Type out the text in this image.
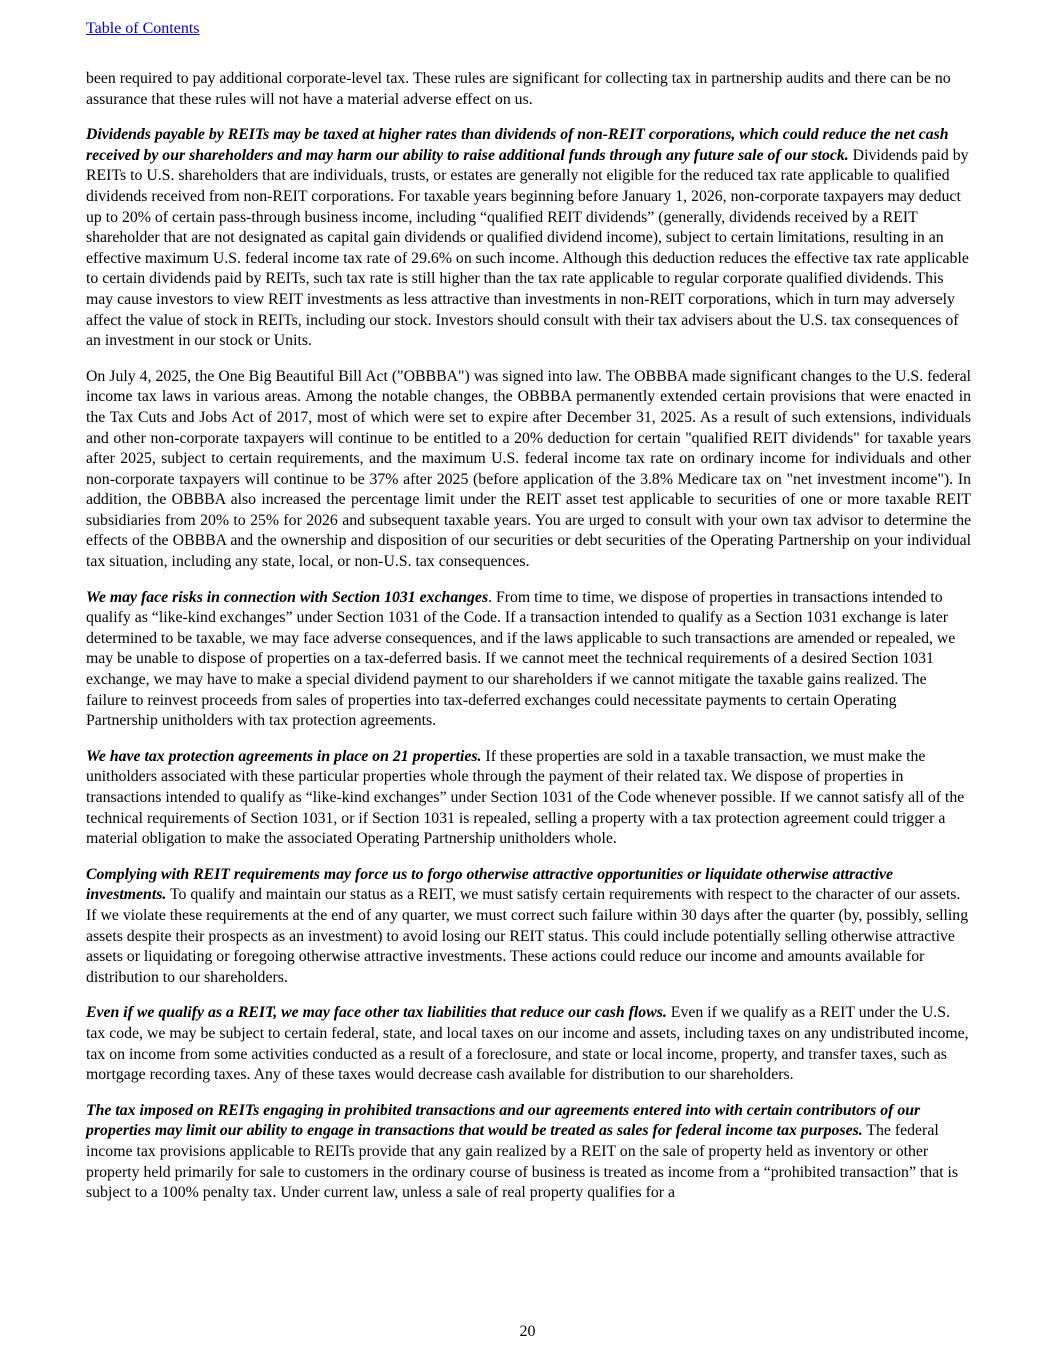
Table of Contents

been required to pay additional corporate-level tax. These rules are significant for collecting tax in partnership audits and there can be no assurance that these rules will not have a material adverse effect on us.

Dividends payable by REITs may be taxed at higher rates than dividends of non-REIT corporations, which could reduce the net cash received by our shareholders and may harm our ability to raise additional funds through any future sale of our stock. Dividends paid by REITs to U.S. shareholders that are individuals, trusts, or estates are generally not eligible for the reduced tax rate applicable to qualified dividends received from non-REIT corporations. For taxable years beginning before January 1, 2026, non-corporate taxpayers may deduct up to 20% of certain pass-through business income, including “qualified REIT dividends” (generally, dividends received by a REIT shareholder that are not designated as capital gain dividends or qualified dividend income), subject to certain limitations, resulting in an effective maximum U.S. federal income tax rate of 29.6% on such income. Although this deduction reduces the effective tax rate applicable to certain dividends paid by REITs, such tax rate is still higher than the tax rate applicable to regular corporate qualified dividends. This may cause investors to view REIT investments as less attractive than investments in non-REIT corporations, which in turn may adversely affect the value of stock in REITs, including our stock. Investors should consult with their tax advisers about the U.S. tax consequences of an investment in our stock or Units.

On July 4, 2025, the One Big Beautiful Bill Act ("OBBBA") was signed into law. The OBBBA made significant changes to the U.S. federal income tax laws in various areas. Among the notable changes, the OBBBA permanently extended certain provisions that were enacted in the Tax Cuts and Jobs Act of 2017, most of which were set to expire after December 31, 2025. As a result of such extensions, individuals and other non-corporate taxpayers will continue to be entitled to a 20% deduction for certain "qualified REIT dividends" for taxable years after 2025, subject to certain requirements, and the maximum U.S. federal income tax rate on ordinary income for individuals and other non-corporate taxpayers will continue to be 37% after 2025 (before application of the 3.8% Medicare tax on "net investment income"). In addition, the OBBBA also increased the percentage limit under the REIT asset test applicable to securities of one or more taxable REIT subsidiaries from 20% to 25% for 2026 and subsequent taxable years. You are urged to consult with your own tax advisor to determine the effects of the OBBBA and the ownership and disposition of our securities or debt securities of the Operating Partnership on your individual tax situation, including any state, local, or non-U.S. tax consequences.

We may face risks in connection with Section 1031 exchanges. From time to time, we dispose of properties in transactions intended to qualify as “like-kind exchanges” under Section 1031 of the Code. If a transaction intended to qualify as a Section 1031 exchange is later determined to be taxable, we may face adverse consequences, and if the laws applicable to such transactions are amended or repealed, we may be unable to dispose of properties on a tax-deferred basis. If we cannot meet the technical requirements of a desired Section 1031 exchange, we may have to make a special dividend payment to our shareholders if we cannot mitigate the taxable gains realized. The failure to reinvest proceeds from sales of properties into tax-deferred exchanges could necessitate payments to certain Operating Partnership unitholders with tax protection agreements.

We have tax protection agreements in place on 21 properties. If these properties are sold in a taxable transaction, we must make the unitholders associated with these particular properties whole through the payment of their related tax. We dispose of properties in transactions intended to qualify as “like-kind exchanges” under Section 1031 of the Code whenever possible. If we cannot satisfy all of the technical requirements of Section 1031, or if Section 1031 is repealed, selling a property with a tax protection agreement could trigger a material obligation to make the associated Operating Partnership unitholders whole.

Complying with REIT requirements may force us to forgo otherwise attractive opportunities or liquidate otherwise attractive investments. To qualify and maintain our status as a REIT, we must satisfy certain requirements with respect to the character of our assets. If we violate these requirements at the end of any quarter, we must correct such failure within 30 days after the quarter (by, possibly, selling assets despite their prospects as an investment) to avoid losing our REIT status. This could include potentially selling otherwise attractive assets or liquidating or foregoing otherwise attractive investments. These actions could reduce our income and amounts available for distribution to our shareholders.

Even if we qualify as a REIT, we may face other tax liabilities that reduce our cash flows. Even if we qualify as a REIT under the U.S. tax code, we may be subject to certain federal, state, and local taxes on our income and assets, including taxes on any undistributed income, tax on income from some activities conducted as a result of a foreclosure, and state or local income, property, and transfer taxes, such as mortgage recording taxes. Any of these taxes would decrease cash available for distribution to our shareholders.

The tax imposed on REITs engaging in prohibited transactions and our agreements entered into with certain contributors of our properties may limit our ability to engage in transactions that would be treated as sales for federal income tax purposes. The federal income tax provisions applicable to REITs provide that any gain realized by a REIT on the sale of property held as inventory or other property held primarily for sale to customers in the ordinary course of business is treated as income from a “prohibited transaction” that is subject to a 100% penalty tax. Under current law, unless a sale of real property qualifies for a

20
